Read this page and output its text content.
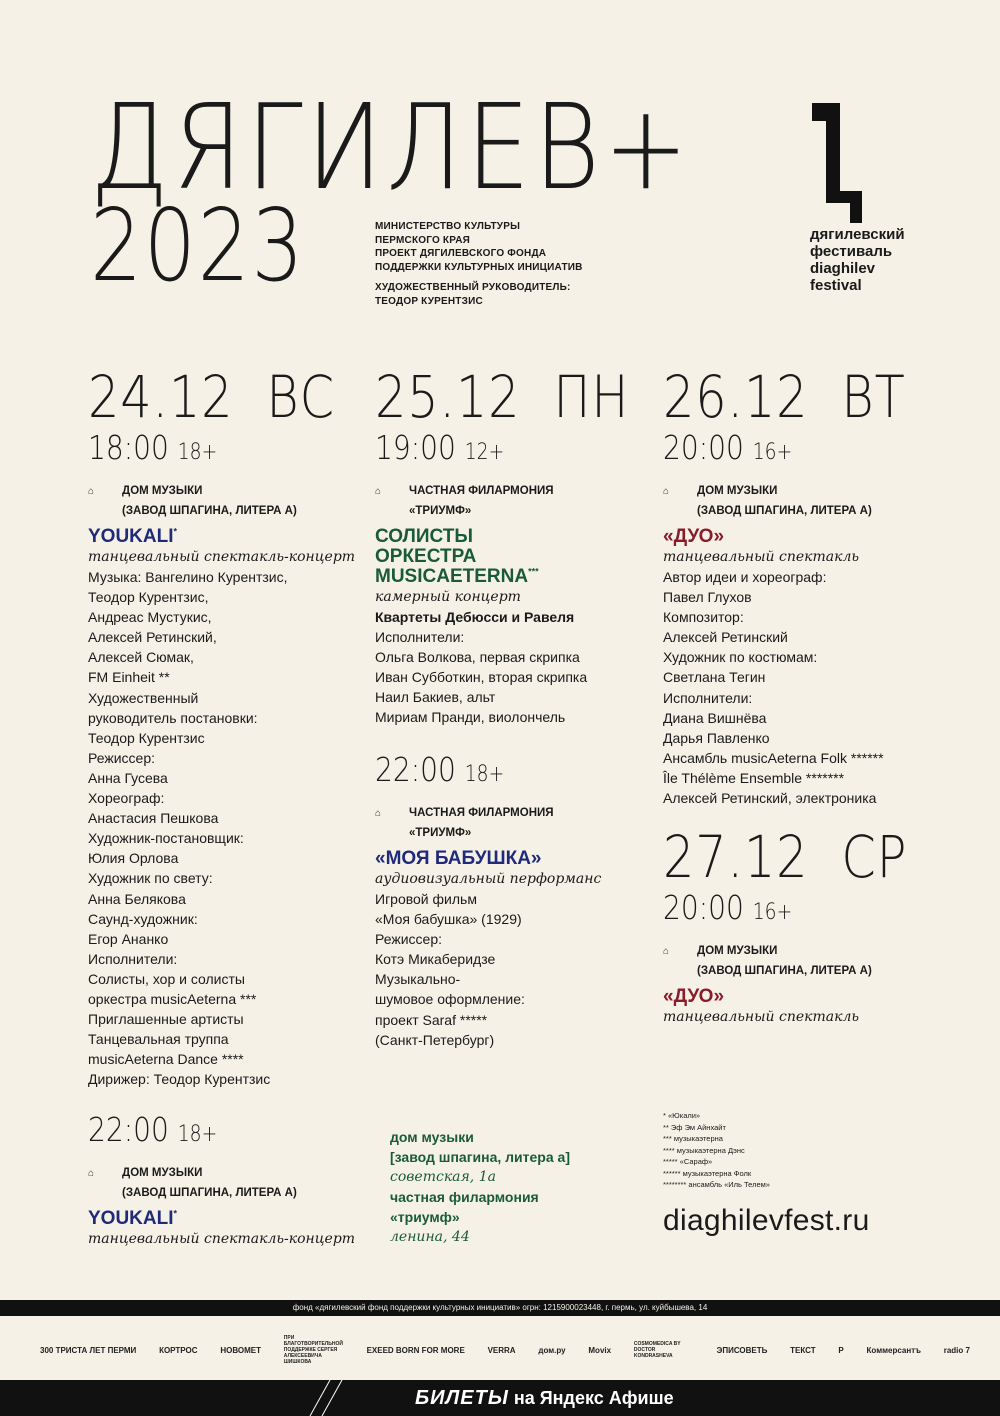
ДЯГИЛЕВ+
2023	МИНИСТЕРСТВО КУЛЬТУРЫ
ПЕРМСКОГО КРАЯ
ПРОЕКТ ДЯГИЛЕВСКОГО ФОНДА
ПОДДЕРЖКИ КУЛЬТУРНЫХ ИНИЦИАТИВ
ХУДОЖЕСТВЕННЫЙ РУКОВОДИТЕЛЬ:
ТЕОДОР КУРЕНТЗИС
дягилевский
фестиваль
diaghilev
festival
24.12 ВС
18:00 18+
⌂	ДОМ МУЗЫКИ
(ЗАВОД ШПАГИНА, ЛИТЕРА А)
YOUKALI*
танцевальный спектакль-концерт
Музыка: Вангелино Курентзис,
Теодор Курентзис,
Андреас Мустукис,
Алексей Ретинский,
Алексей Сюмак,
FM Einheit **
Художественный
руководитель постановки:
Теодор Курентзис
Режиссер:
Анна Гусева
Хореограф:
Анастасия Пешкова
Художник-постановщик:
Юлия Орлова
Художник по свету:
Анна Белякова
Саунд-художник:
Егор Ананко
Исполнители:
Солисты, хор и солисты
оркестра musicAeterna ***
Приглашенные артисты
Танцевальная труппа
musicAeterna Dance ****
Дирижер: Теодор Курентзис
22:00 18+
⌂	ДОМ МУЗЫКИ
(ЗАВОД ШПАГИНА, ЛИТЕРА А)
YOUKALI*
танцевальный спектакль-концерт
25.12 ПН
19:00 12+
⌂	ЧАСТНАЯ ФИЛАРМОНИЯ
«ТРИУМФ»
СОЛИСТЫ
ОРКЕСТРА
MUSICAETERNA***
камерный концерт
Квартеты Дебюсси и Равеля
Исполнители:
Ольга Волкова, первая скрипка
Иван Субботкин, вторая скрипка
Наил Бакиев, альт
Мириам Пранди, виолончель
22:00 18+
⌂	ЧАСТНАЯ ФИЛАРМОНИЯ
«ТРИУМФ»
«МОЯ БАБУШКА»
аудиовизуальный перформанс
Игровой фильм
«Моя бабушка» (1929)
Режиссер:
Котэ Микаберидзе
Музыкально-
шумовое оформление:
проект Saraf *****
(Санкт-Петербург)
26.12 ВТ
20:00 16+
⌂	ДОМ МУЗЫКИ
(ЗАВОД ШПАГИНА, ЛИТЕРА А)
«ДУО»
танцевальный спектакль
Автор идеи и хореограф:
Павел Глухов
Композитор:
Алексей Ретинский
Художник по костюмам:
Светлана Тегин
Исполнители:
Диана Вишнёва
Дарья Павленко
Ансамбль musicAeterna Folk ******
Île Thélème Ensemble *******
Алексей Ретинский, электроника
27.12 СР
20:00 16+
⌂	ДОМ МУЗЫКИ
(ЗАВОД ШПАГИНА, ЛИТЕРА А)
«ДУО»
танцевальный спектакль
дом музыки
[завод шпагина, литера а]
советская, 1а
частная филармония
«триумф»
ленина, 44
* «Юкали»
** Эф Эм Айнхайт
*** музыкаэтерна
**** музыкаэтерна Дэнс
***** «Сараф»
****** музыкаэтерна Фолк
******** ансамбль «Иль Телем»
diaghilevfest.ru
фонд «дягилевский фонд поддержки культурных инициатив» огрн: 1215900023448, г. пермь, ул. куйбышева, 14
300 ТРИСТА ЛЕТ ПЕРМИ	КОРТРОС	НОВОМЕТ
ПРИ БЛАГОТВОРИТЕЛЬНОЙ ПОДДЕРЖКЕ СЕРГЕЯ АЛЕКСЕЕВИЧА ШИШКОВА
EXEED BORN FOR MORE	VERRA	дом.ру	Movix
COSMOMEDICA BY DOCTOR KONDRASHEVA
ЭПИСОВЕТЬ	ТЕКСТ	Р	Коммерсантъ	radio 7
БИЛЕТЫ на Яндекс Афише
